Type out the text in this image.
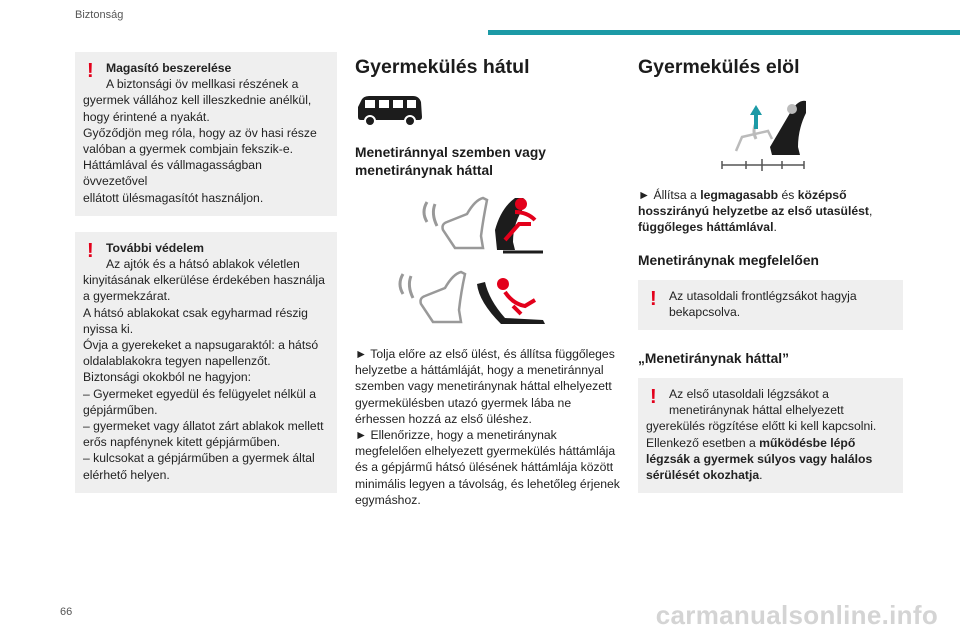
Biztonság
!	Magasító beszerelése

A biztonsági öv mellkasi részének a

gyermek vállához kell illeszkednie anélkül,

hogy érintené a nyakát.

Győződjön meg róla, hogy az öv hasi része

valóban a gyermek combjain fekszik-e.

Háttámlával és vállmagasságban övvezetővel

ellátott ülésmagasítót használjon.

!	További védelem

Az ajtók és a hátsó ablakok véletlen

kinyitásának elkerülése érdekében használja

a gyermekzárat.

A hátsó ablakokat csak egyharmad részig

nyissa ki.

Óvja a gyerekeket a napsugaraktól: a hátsó

oldalablakokra tegyen napellenzőt.

Biztonsági okokból ne hagyjon:

– Gyermeket egyedül és felügyelet nélkül a

gépjárműben.

– gyermeket vagy állatot zárt ablakok mellett

erős napfénynek kitett gépjárműben.

– kulcsokat a gépjárműben a gyermek által

elérhető helyen.

Gyermekülés hátul
Menetiránnyal szemben vagy
menetiránynak háttal

► Tolja előre az első ülést, és állítsa függőleges

helyzetbe a háttámláját, hogy a menetiránnyal

szemben vagy menetiránynak háttal elhelyezett

gyermekülésben utazó gyermek lába ne

érhessen hozzá az első üléshez.

► Ellenőrizze, hogy a menetiránynak

megfelelően elhelyezett gyermekülés háttámlája

és a gépjármű hátsó ülésének háttámlája között

minimális legyen a távolság, és lehetőleg érjenek

egymáshoz.

Gyermekülés elöl

► Állítsa a legmagasabb és középső
hosszirányú helyzetbe az első utasülést,
függőleges háttámlával.

Menetiránynak megfelelően
!	Az utasoldali frontlégzsákot hagyja

bekapcsolva.

„Menetiránynak háttal”
!	Az első utasoldali légzsákot a

menetiránynak háttal elhelyezett

gyerekülés rögzítése előtt ki kell kapcsolni.

Ellenkező esetben a működésbe lépő

légzsák a gyermek súlyos vagy halálos

sérülését okozhatja.

66	carmanualsonline.info
